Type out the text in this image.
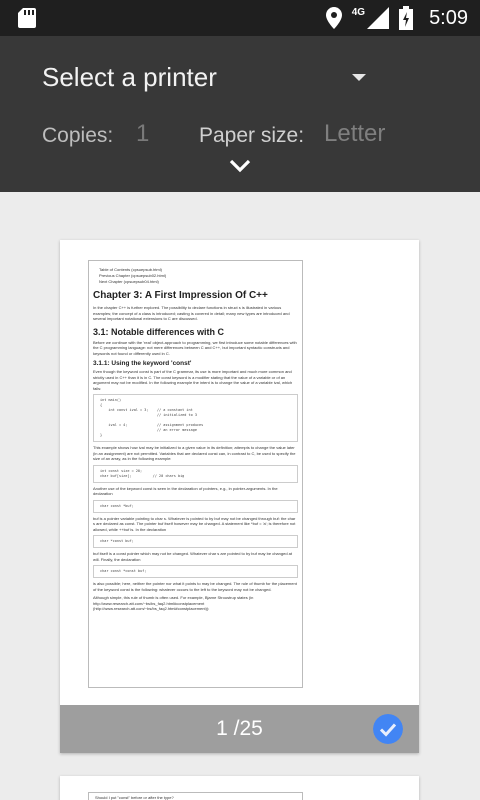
4G	5:09
Select a printer
Copies: 1 Paper size: Letter
Table of Contents (cpsuepsub.html)
Previous Chapter (cpsuepsub02.html)
Next Chapter (cpsuepsub04.html)
Chapter 3: A First Impression Of C++

In the chapter C++ is further explored. The possibility to declare functions in struct s is illustrated in various examples; the concept of a class is introduced; casting is covered in detail; many new types are introduced and several important notational extensions to C are discussed.

3.1: Notable differences with C

Before we continue with the 'real' object-approach to programming, we first introduce some notable differences with the C programming language: not mere differences between C and C++, but important syntactic constructs and keywords not found or differently used in C.

3.1.1: Using the keyword 'const'

Even though the keyword const is part of the C grammar, its use is more important and much more common and strictly used in C++ than it is in C. The const keyword is a modifier stating that the value of a variable or of an argument may not be modified. In the following example the intent is to change the value of a variable ival, which fails:

int main()
{
int const ival = 3;    // a constant int
// initialized to 3

ival = 4;              // assignment produces
// an error message
}

This example shows how ival may be initialized to a given value in its definition; attempts to change the value later (in an assignment) are not permitted. Variables that are declared const can, in contrast to C, be used to specify the size of an array, as in the following example:

int const size = 20;
char buf[size];          // 20 chars big

Another use of the keyword const is seen in the declaration of pointers, e.g., in pointer-arguments. In the declaration

char const *buf;

buf is a pointer variable pointing to char s. Whatever is pointed to by buf may not be changed through buf: the char s are declared as const. The pointer buf itself however may be changed. A statement like *buf = 'a'; is therefore not allowed, while ++buf is. In the declaration

char *const buf;

buf itself is a const pointer which may not be changed. Whatever char s are pointed to by buf may be changed at will. Finally, the declaration

char const *const buf;

is also possible; here, neither the pointer nor what it points to may be changed. The rule of thumb for the placement of the keyword const is the following: whatever occurs to the left to the keyword may not be changed.

Although simple, this rule of thumb is often used. For example, Bjarne Stroustrup states (in http://www.research.att.com/~bs/bs_faq2.html#constplacement (http://www.research.att.com/~bs/bs_faq2.html#constplacement)):

1 /25
Should I put "const" before or after the type?
